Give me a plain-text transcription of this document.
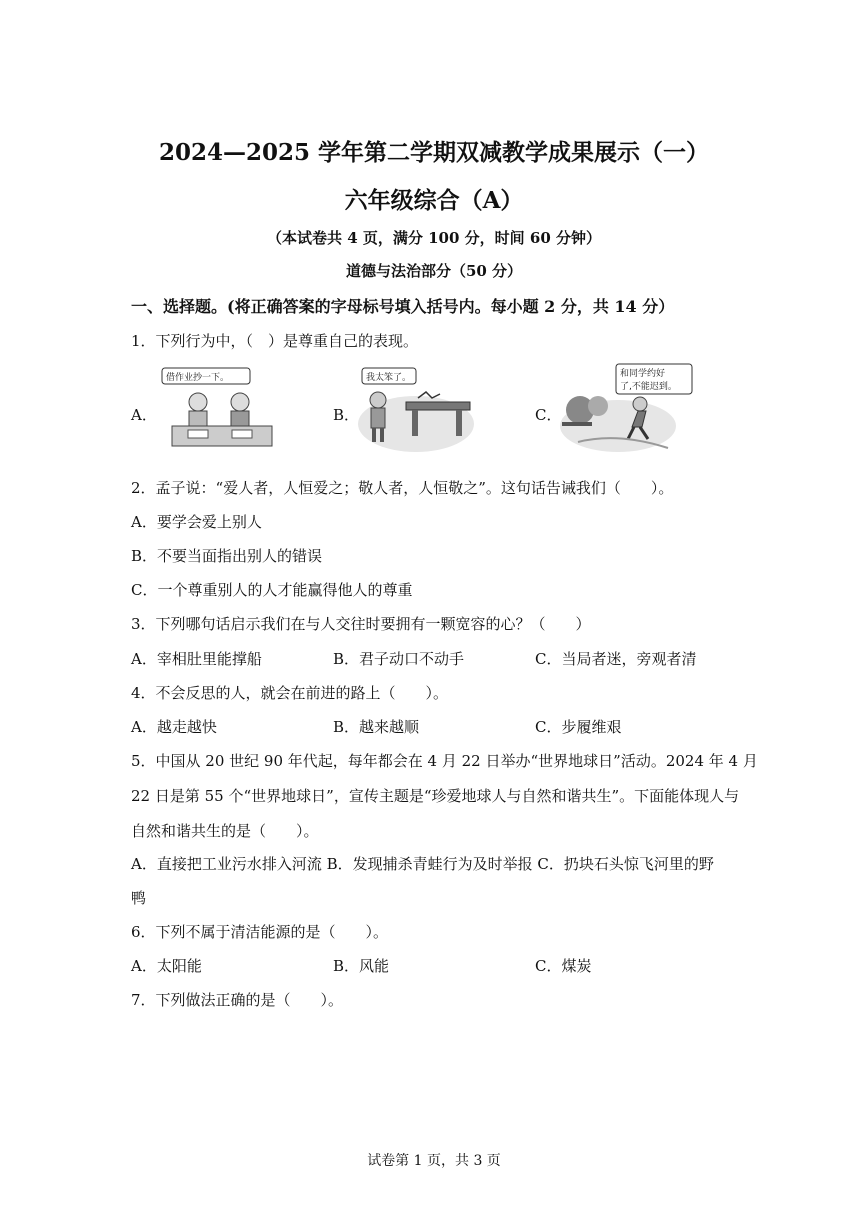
2024—2025 学年第二学期双减教学成果展示（一）
六年级综合（A）
（本试卷共 4 页，满分 100 分，时间 60 分钟）
道德与法治部分（50 分）
一、选择题。(将正确答案的字母标号填入括号内。每小题 2 分，共 14 分）
1．下列行为中，（　）是尊重自己的表现。
A．	B．	C．
借作业抄一下。	我太笨了。	和同学约好
了,不能迟到。
2．孟子说：“爱人者，人恒爱之；敬人者，人恒敬之”。这句话告诫我们（　　）。
A．要学会爱上别人
B．不要当面指出别人的错误
C．一个尊重别人的人才能赢得他人的尊重
3．下列哪句话启示我们在与人交往时要拥有一颗宽容的心？（　　）
A．宰相肚里能撑船	B．君子动口不动手	C．当局者迷，旁观者清
4．不会反思的人，就会在前进的路上（　　）。
A．越走越快	B．越来越顺	C．步履维艰
5．中国从 20 世纪 90 年代起，每年都会在 4 月 22 日举办“世界地球日”活动。2024 年 4 月
22 日是第 55 个“世界地球日”，宣传主题是“珍爱地球人与自然和谐共生”。下面能体现人与
自然和谐共生的是（　　）。
A．直接把工业污水排入河流 B．发现捕杀青蛙行为及时举报 C．扔块石头惊飞河里的野
鸭
6．下列不属于清洁能源的是（　　）。
A．太阳能	B．风能	C．煤炭
7．下列做法正确的是（　　）。
试卷第 1 页，共 3 页
